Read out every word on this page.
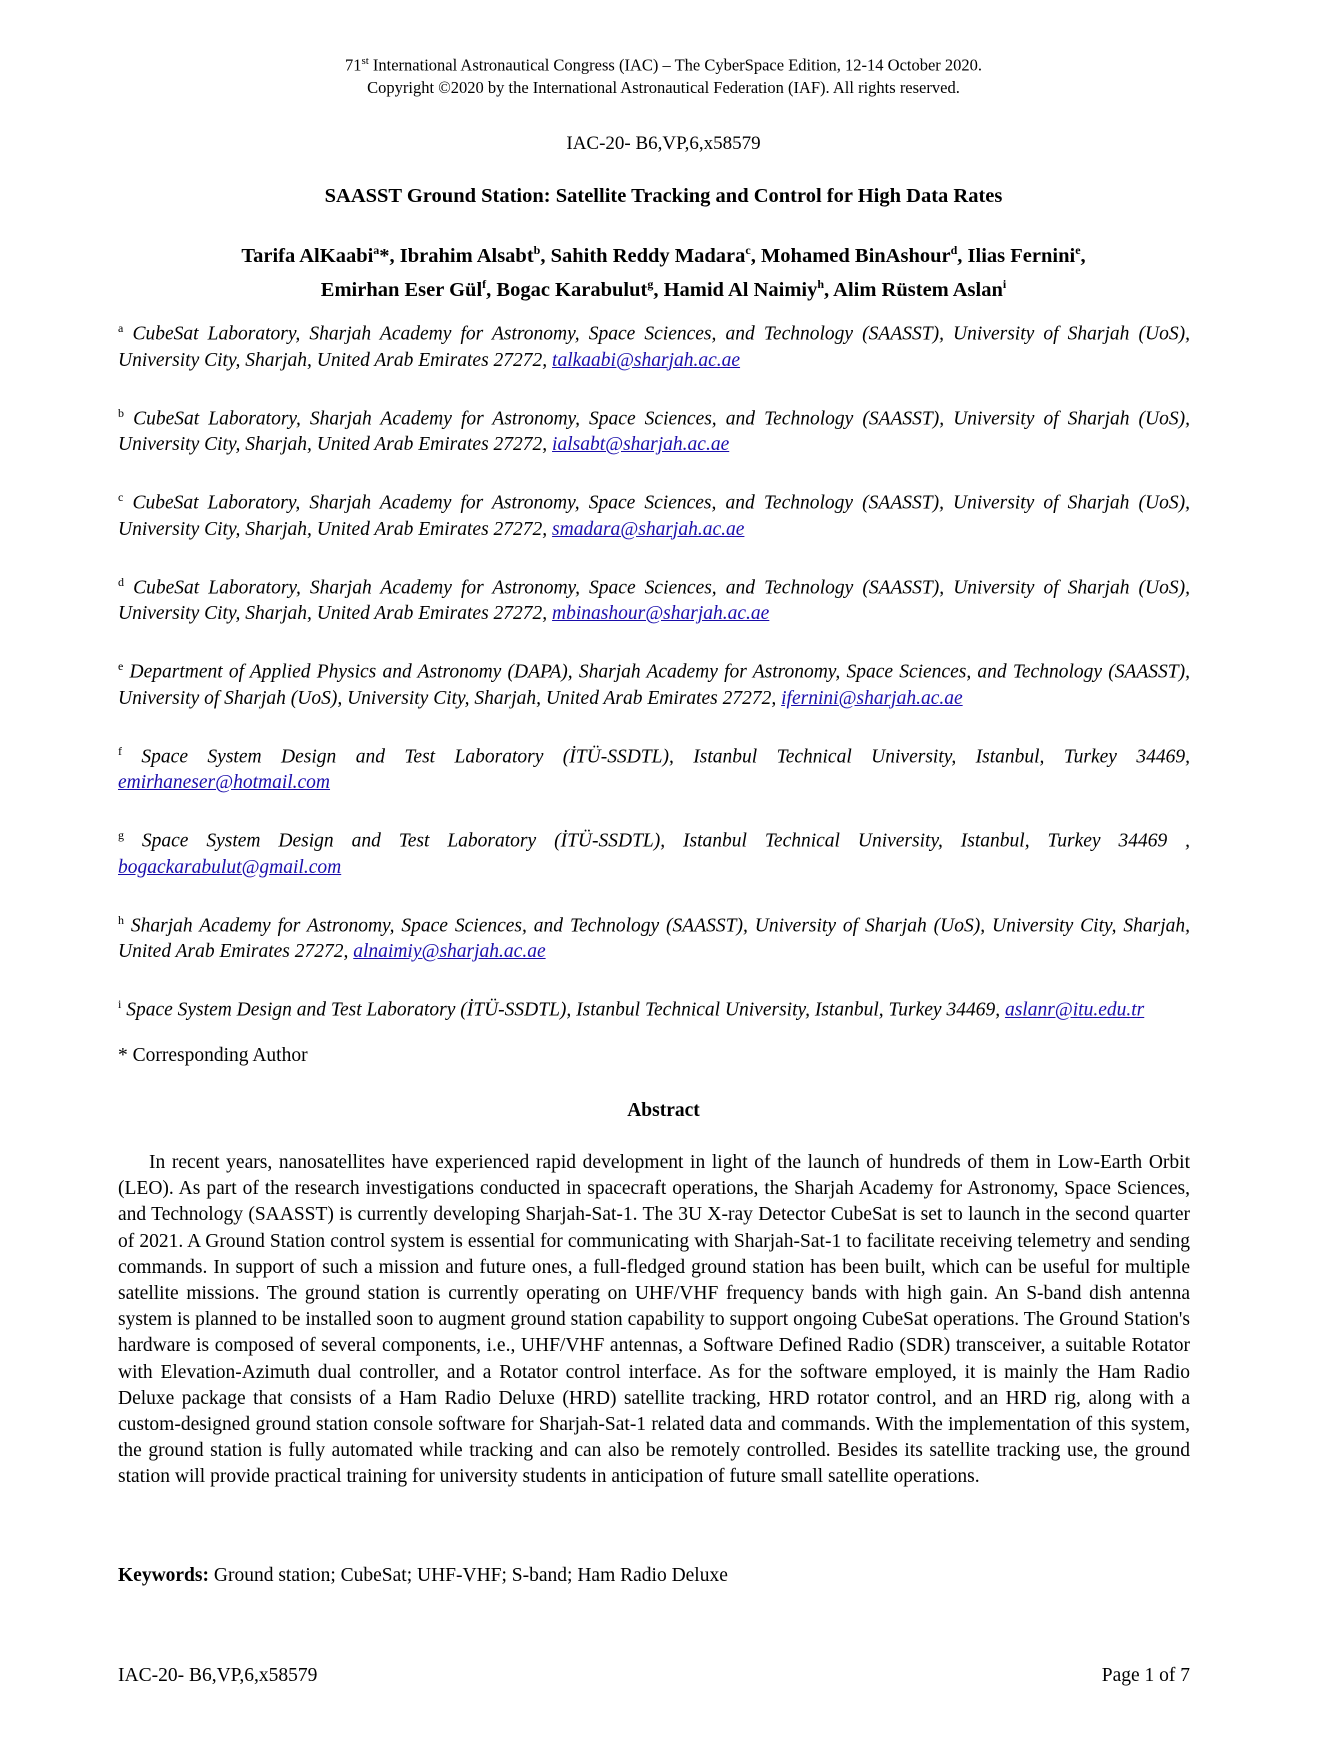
71st International Astronautical Congress (IAC) – The CyberSpace Edition, 12-14 October 2020.
Copyright ©2020 by the International Astronautical Federation (IAF). All rights reserved.
IAC-20- B6,VP,6,x58579
SAASST Ground Station: Satellite Tracking and Control for High Data Rates
Tarifa AlKaabi$^a$*, Ibrahim Alsabt$^b$, Sahith Reddy Madara$^c$, Mohamed BinAshour$^d$, Ilias Fernini$^e$,
Emirhan Eser Gül$^f$, Bogac Karabulut$^g$, Hamid Al Naimiy$^h$, Alim Rüstem Aslan$^i$

$^a$ CubeSat Laboratory, Sharjah Academy for Astronomy, Space Sciences, and Technology (SAASST), University of Sharjah (UoS), University City, Sharjah, United Arab Emirates 27272, talkaabi@sharjah.ac.ae

$^b$ CubeSat Laboratory, Sharjah Academy for Astronomy, Space Sciences, and Technology (SAASST), University of Sharjah (UoS), University City, Sharjah, United Arab Emirates 27272, ialsabt@sharjah.ac.ae

$^c$ CubeSat Laboratory, Sharjah Academy for Astronomy, Space Sciences, and Technology (SAASST), University of Sharjah (UoS), University City, Sharjah, United Arab Emirates 27272, smadara@sharjah.ac.ae

$^d$ CubeSat Laboratory, Sharjah Academy for Astronomy, Space Sciences, and Technology (SAASST), University of Sharjah (UoS), University City, Sharjah, United Arab Emirates 27272, mbinashour@sharjah.ac.ae

$^e$ Department of Applied Physics and Astronomy (DAPA), Sharjah Academy for Astronomy, Space Sciences, and Technology (SAASST), University of Sharjah (UoS), University City, Sharjah, United Arab Emirates 27272, ifernini@sharjah.ac.ae

$^f$ Space System Design and Test Laboratory (İTÜ-SSDTL), Istanbul Technical University, Istanbul, Turkey 34469, emirhaneser@hotmail.com

$^g$ Space System Design and Test Laboratory (İTÜ-SSDTL), Istanbul Technical University, Istanbul, Turkey 34469 , bogackarabulut@gmail.com

$^h$ Sharjah Academy for Astronomy, Space Sciences, and Technology (SAASST), University of Sharjah (UoS), University City, Sharjah, United Arab Emirates 27272, alnaimiy@sharjah.ac.ae

$^i$ Space System Design and Test Laboratory (İTÜ-SSDTL), Istanbul Technical University, Istanbul, Turkey 34469, aslanr@itu.edu.tr

* Corresponding Author
Abstract

In recent years, nanosatellites have experienced rapid development in light of the launch of hundreds of them in Low-Earth Orbit (LEO). As part of the research investigations conducted in spacecraft operations, the Sharjah Academy for Astronomy, Space Sciences, and Technology (SAASST) is currently developing Sharjah-Sat-1. The 3U X-ray Detector CubeSat is set to launch in the second quarter of 2021. A Ground Station control system is essential for communicating with Sharjah-Sat-1 to facilitate receiving telemetry and sending commands. In support of such a mission and future ones, a full-fledged ground station has been built, which can be useful for multiple satellite missions. The ground station is currently operating on UHF/VHF frequency bands with high gain. An S-band dish antenna system is planned to be installed soon to augment ground station capability to support ongoing CubeSat operations. The Ground Station's hardware is composed of several components, i.e., UHF/VHF antennas, a Software Defined Radio (SDR) transceiver, a suitable Rotator with Elevation-Azimuth dual controller, and a Rotator control interface. As for the software employed, it is mainly the Ham Radio Deluxe package that consists of a Ham Radio Deluxe (HRD) satellite tracking, HRD rotator control, and an HRD rig, along with a custom-designed ground station console software for Sharjah-Sat-1 related data and commands. With the implementation of this system, the ground station is fully automated while tracking and can also be remotely controlled. Besides its satellite tracking use, the ground station will provide practical training for university students in anticipation of future small satellite operations.

Keywords: Ground station; CubeSat; UHF-VHF; S-band; Ham Radio Deluxe
IAC-20- B6,VP,6,x58579	Page 1 of 7
